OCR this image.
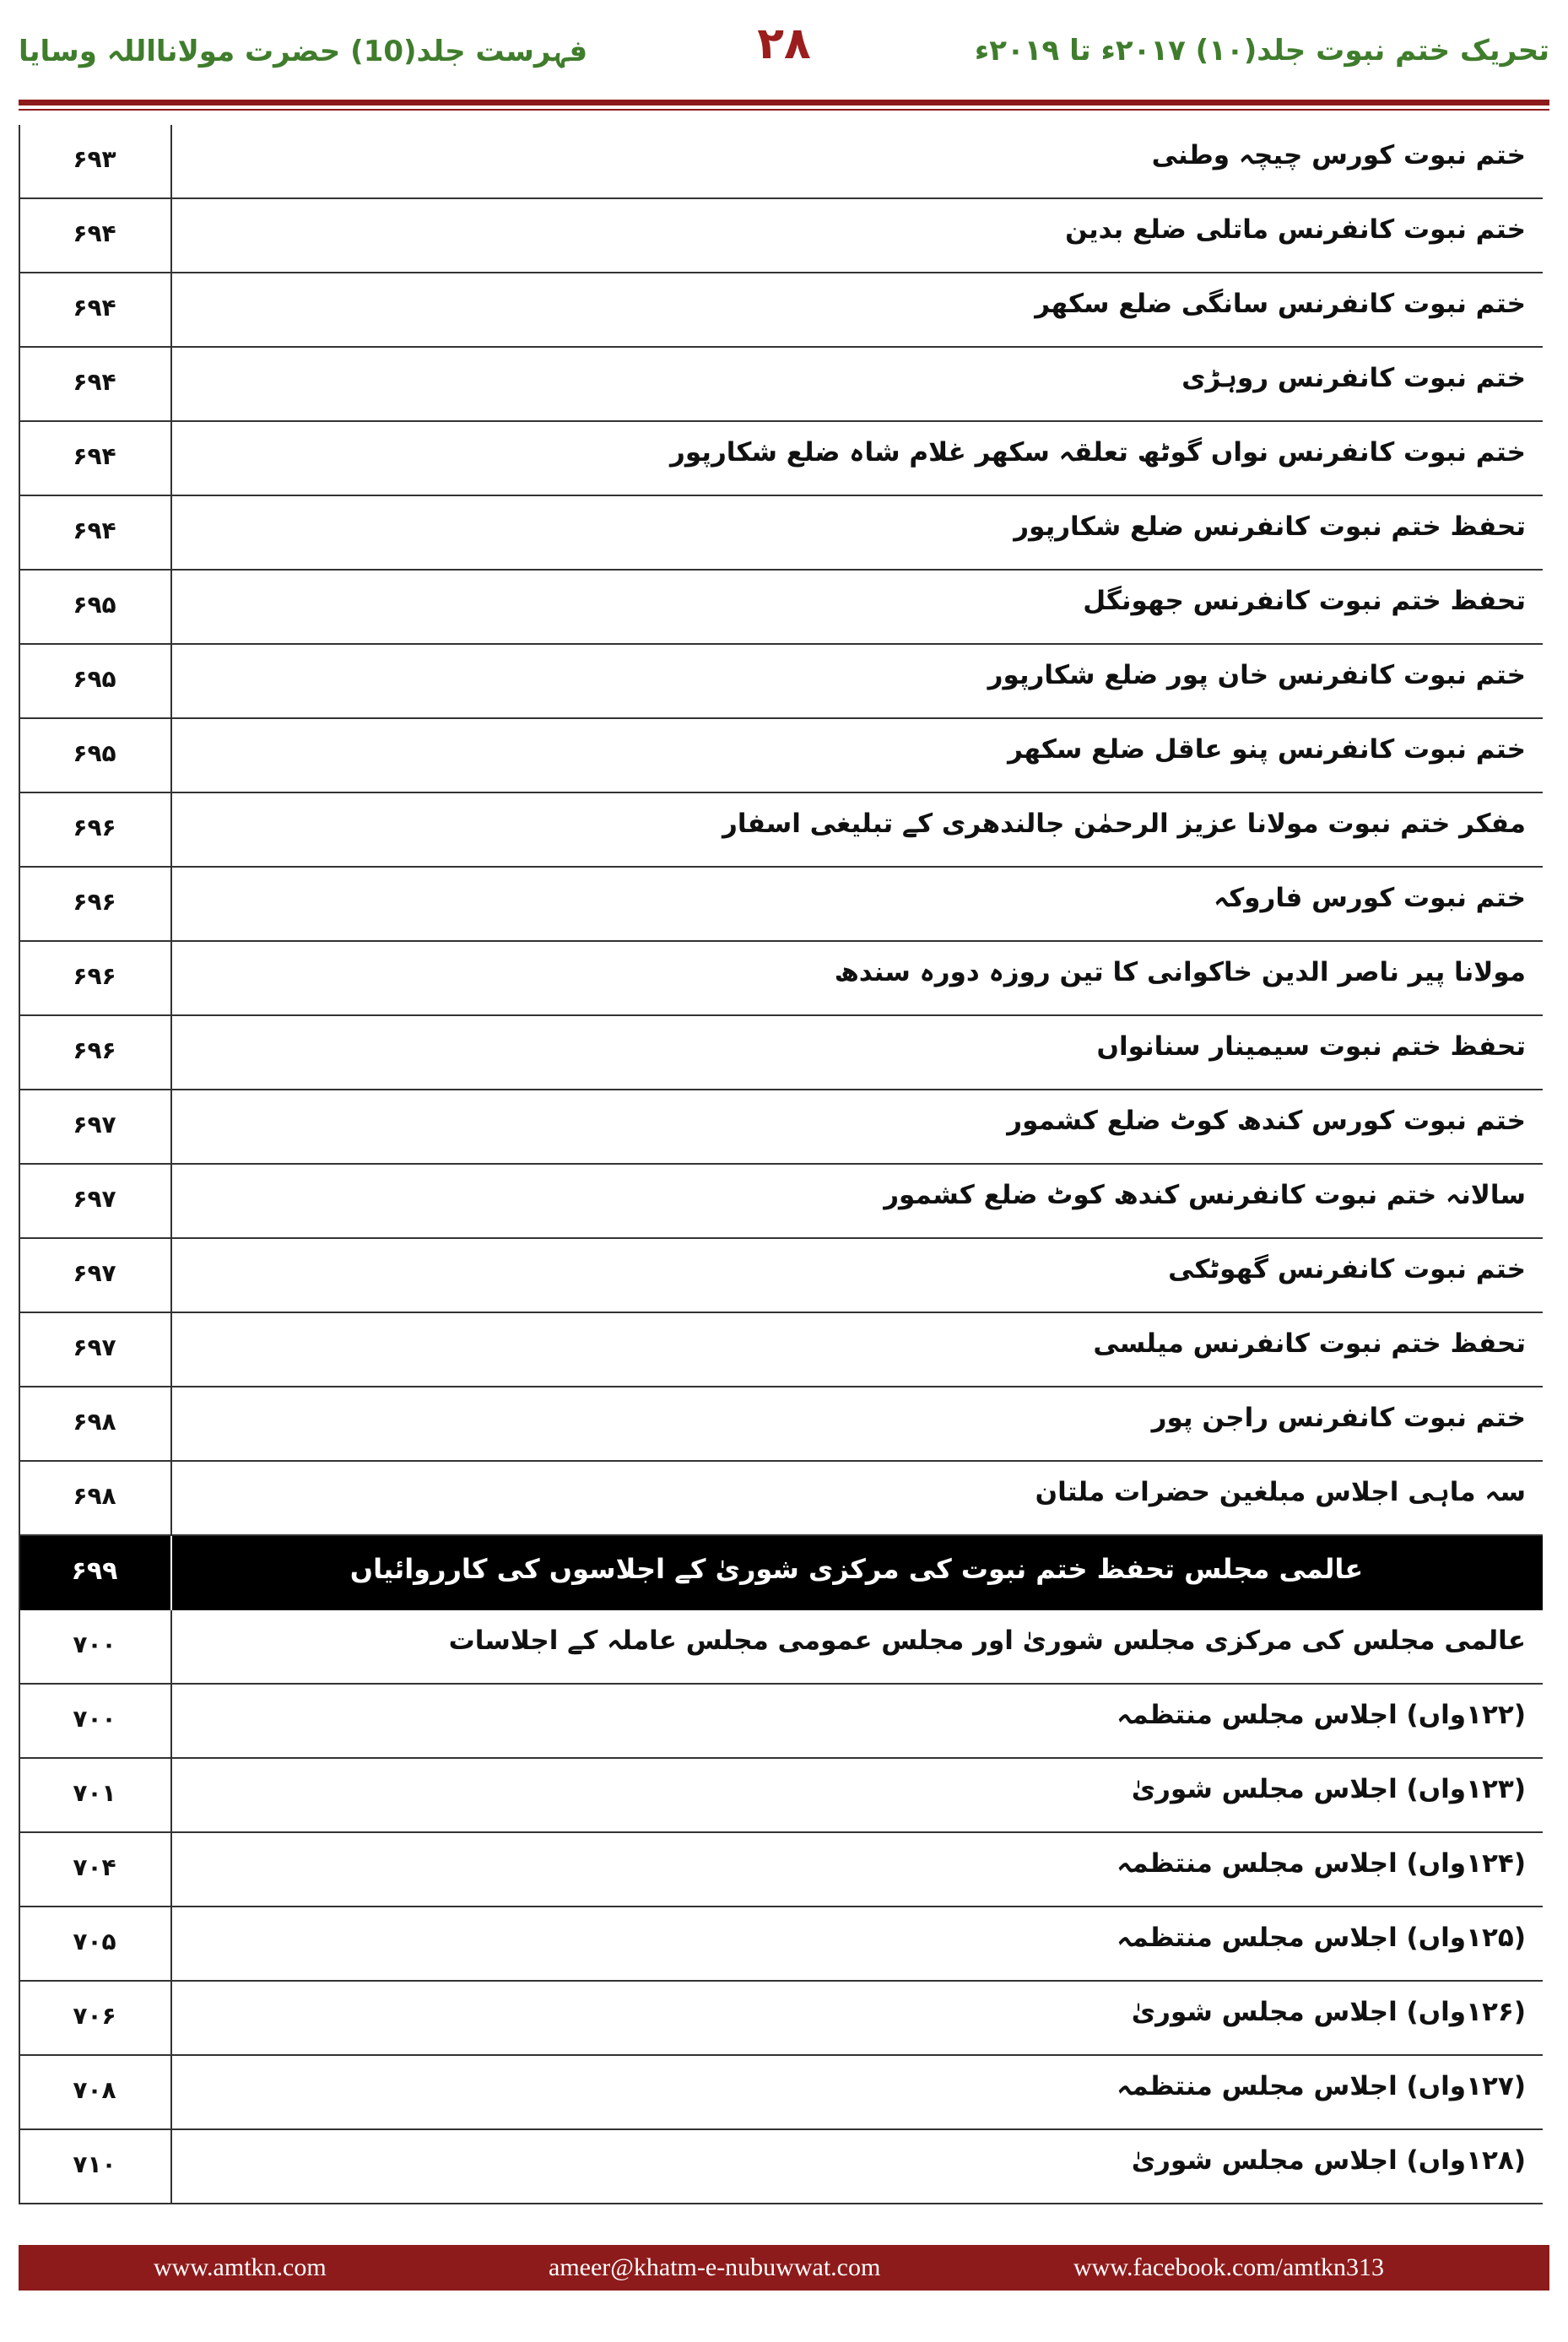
تحریک ختم نبوت جلد(۱۰) ۲۰۱۷ء تا ۲۰۱۹ء
۲۸
فہرست جلد(10) حضرت مولانااللہ وسایا
ختم نبوت کورس چیچہ وطنی
۶۹۳
ختم نبوت کانفرنس ماتلی ضلع بدین
۶۹۴
ختم نبوت کانفرنس سانگی ضلع سکھر
۶۹۴
ختم نبوت کانفرنس روہڑی
۶۹۴
ختم نبوت کانفرنس نواں گوٹھ تعلقہ سکھر غلام شاہ ضلع شکارپور
۶۹۴
تحفظ ختم نبوت کانفرنس ضلع شکارپور
۶۹۴
تحفظ ختم نبوت کانفرنس جھونگل
۶۹۵
ختم نبوت کانفرنس خان پور ضلع شکارپور
۶۹۵
ختم نبوت کانفرنس پنو عاقل ضلع سکھر
۶۹۵
مفکر ختم نبوت مولانا عزیز الرحمٰن جالندھری کے تبلیغی اسفار
۶۹۶
ختم نبوت کورس فاروکہ
۶۹۶
مولانا پیر ناصر الدین خاکوانی کا تین روزہ دورہ سندھ
۶۹۶
تحفظ ختم نبوت سیمینار سنانواں
۶۹۶
ختم نبوت کورس کندھ کوٹ ضلع کشمور
۶۹۷
سالانہ ختم نبوت کانفرنس کندھ کوٹ ضلع کشمور
۶۹۷
ختم نبوت کانفرنس گھوٹکی
۶۹۷
تحفظ ختم نبوت کانفرنس میلسی
۶۹۷
ختم نبوت کانفرنس راجن پور
۶۹۸
سہ ماہی اجلاس مبلغین حضرات ملتان
۶۹۸
عالمی مجلس تحفظ ختم نبوت کی مرکزی شوریٰ کے اجلاسوں کی کارروائیاں
۶۹۹
عالمی مجلس کی مرکزی مجلس شوریٰ اور مجلس عمومی مجلس عاملہ کے اجلاسات
۷۰۰
(۱۲۲واں) اجلاس مجلس منتظمہ
۷۰۰
(۱۲۳واں) اجلاس مجلس شوریٰ
۷۰۱
(۱۲۴واں) اجلاس مجلس منتظمہ
۷۰۴
(۱۲۵واں) اجلاس مجلس منتظمہ
۷۰۵
(۱۲۶واں) اجلاس مجلس شوریٰ
۷۰۶
(۱۲۷واں) اجلاس مجلس منتظمہ
۷۰۸
(۱۲۸واں) اجلاس مجلس شوریٰ
۷۱۰
www.amtkn.com	ameer@khatm-e-nubuwwat.com	www.facebook.com/amtkn313
